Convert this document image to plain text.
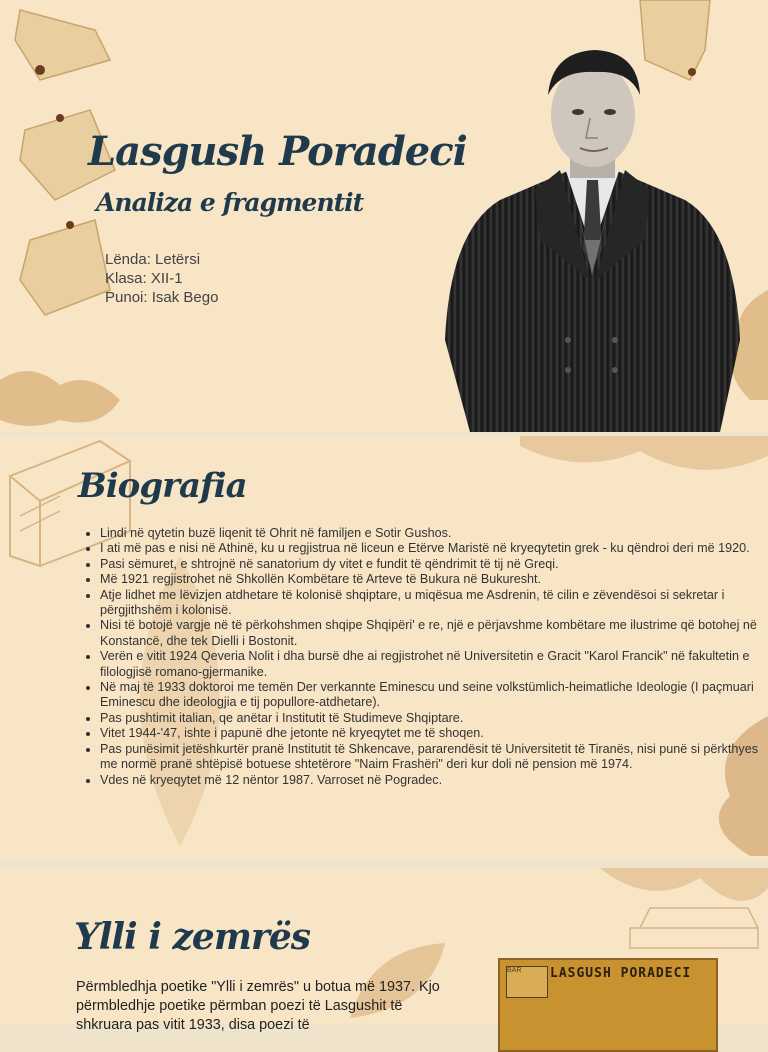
Lasgush Poradeci
Analiza e fragmentit
Lënda: Letërsi
Klasa: XII-1
Punoi: Isak Bego
Biografia
• Lindi në qytetin buzë liqenit të Ohrit në familjen e Sotir Gushos.
• I ati më pas e nisi në Athinë, ku u regjistrua në liceun e Etërve Maristë në kryeqytetin grek - ku qëndroi deri më 1920.
• Pasi sëmuret, e shtrojnë në sanatorium dy vitet e fundit të qëndrimit të tij në Greqi.
• Më 1921 regjistrohet në Shkollën Kombëtare të Arteve të Bukura në Bukuresht.
• Atje lidhet me lëvizjen atdhetare të kolonisë shqiptare, u miqësua me Asdrenin, të cilin e zëvendësoi si sekretar i përgjithshëm i kolonisë.
• Nisi të botojë vargje në të përkohshmen shqipe Shqipëri' e re, një e përjavshme kombëtare me ilustrime që botohej në Konstancë, dhe tek Dielli i Bostonit.
• Verën e vitit 1924 Qeveria Nolit i dha bursë dhe ai regjistrohet në Universitetin e Gracit "Karol Francik" në fakultetin e filologjisë romano-gjermanike.
• Në maj të 1933 doktoroi me temën Der verkannte Eminescu und seine volkstümlich-heimatliche Ideologie (I paçmuari Eminescu dhe ideologjia e tij popullore-atdhetare).
• Pas pushtimit italian, qe anëtar i Institutit të Studimeve Shqiptare.
• Vitet 1944-'47, ishte i papunë dhe jetonte në kryeqytet me të shoqen.
• Pas punësimit jetëshkurtër pranë Institutit të Shkencave, pararendësit të Universitetit të Tiranës, nisi punë si përkthyes me normë pranë shtëpisë botuese shtetërore "Naim Frashëri" deri kur doli në pension më 1974.
• Vdes në kryeqytet më 12 nëntor 1987. Varroset në Pogradec.
Ylli i zemrës

Përmbledhja poetike "Ylli i zemrës" u botua më 1937. Kjo përmbledhje poetike përmban poezi të Lasgushit të shkruara pas vitit 1933, disa poezi të

BAR	LASGUSH PORADECI
